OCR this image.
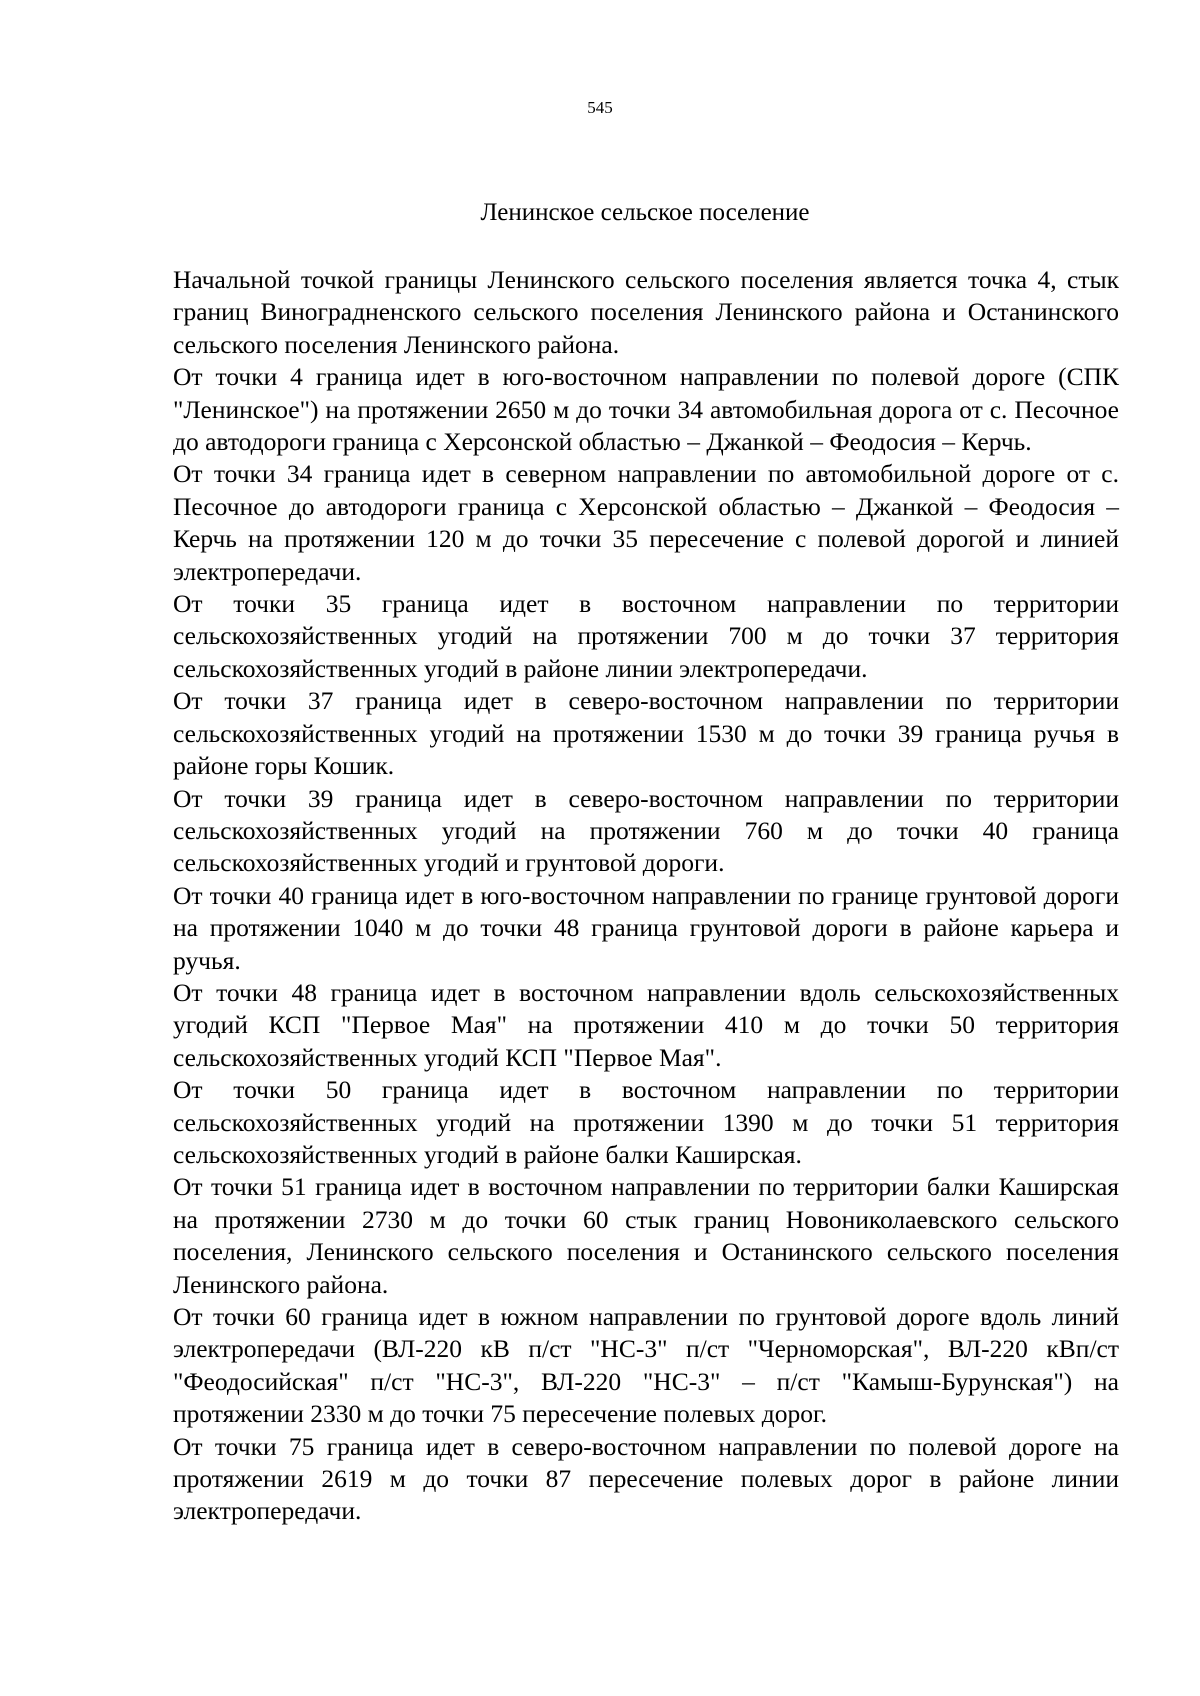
545
Ленинское сельское поселение

Начальной точкой границы Ленинского сельского поселения является точка 4, стык границ Виноградненского сельского поселения Ленинского района и Останинского сельского поселения Ленинского района.

От точки 4 граница идет в юго-восточном направлении по полевой дороге (СПК "Ленинское") на протяжении 2650 м до точки 34 автомобильная дорога от с. Песочное до автодороги граница с Херсонской областью – Джанкой – Феодосия – Керчь.

От точки 34 граница идет в северном направлении по автомобильной дороге от с. Песочное до автодороги граница с Херсонской областью – Джанкой – Феодосия – Керчь на протяжении 120 м до точки 35 пересечение с полевой дорогой и линией электропередачи.

От точки 35 граница идет в восточном направлении по территории сельскохозяйственных угодий на протяжении 700 м до точки 37 территория сельскохозяйственных угодий в районе линии электропередачи.

От точки 37 граница идет в северо-восточном направлении по территории сельскохозяйственных угодий на протяжении 1530 м до точки 39 граница ручья в районе горы Кошик.

От точки 39 граница идет в северо-восточном направлении по территории сельскохозяйственных угодий на протяжении 760 м до точки 40 граница сельскохозяйственных угодий и грунтовой дороги.

От точки 40 граница идет в юго-восточном направлении по границе грунтовой дороги на протяжении 1040 м до точки 48 граница грунтовой дороги в районе карьера и ручья.

От точки 48 граница идет в восточном направлении вдоль сельскохозяйственных угодий КСП "Первое Мая" на протяжении 410 м до точки 50 территория сельскохозяйственных угодий КСП "Первое Мая".

От точки 50 граница идет в восточном направлении по территории сельскохозяйственных угодий на протяжении 1390 м до точки 51 территория сельскохозяйственных угодий в районе балки Каширская.

От точки 51 граница идет в восточном направлении по территории балки Каширская на протяжении 2730 м до точки 60 стык границ Новониколаевского сельского поселения, Ленинского сельского поселения и Останинского сельского поселения Ленинского района.

От точки 60 граница идет в южном направлении по грунтовой дороге вдоль линий электропередачи (ВЛ-220 кВ п/ст "НС-3" п/ст "Черноморская", ВЛ-220 кВп/ст "Феодосийская" п/ст "НС-3", ВЛ-220 "НС-3" – п/ст "Камыш-Бурунская") на протяжении 2330 м до точки 75 пересечение полевых дорог.

От точки 75 граница идет в северо-восточном направлении по полевой дороге на протяжении 2619 м до точки 87 пересечение полевых дорог в районе линии электропередачи.
